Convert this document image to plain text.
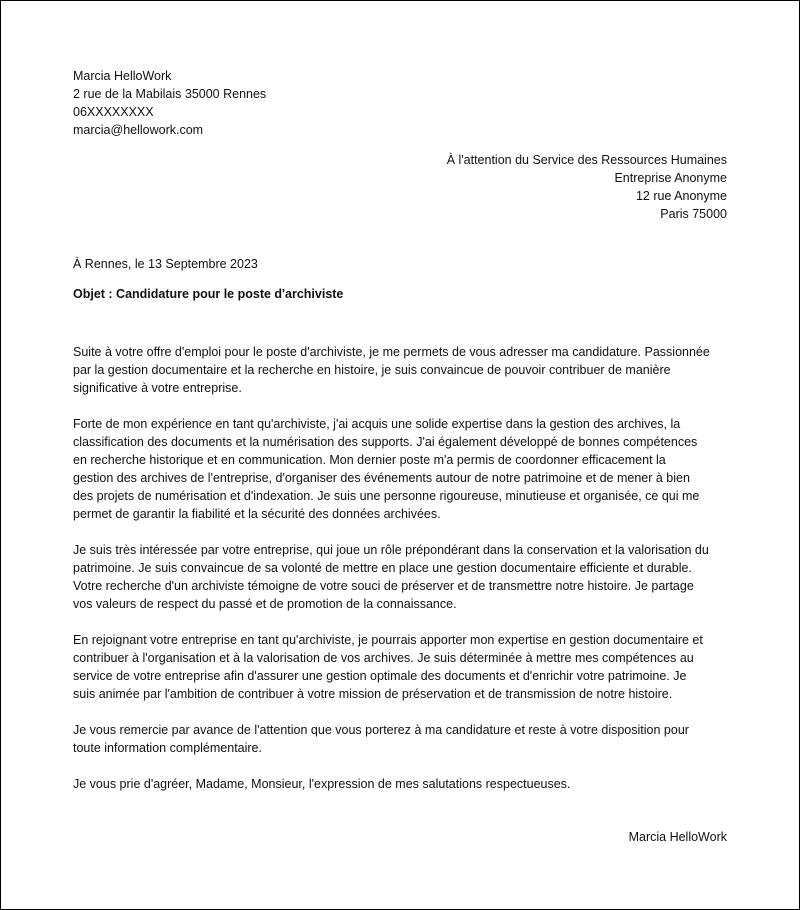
Marcia HelloWork
2 rue de la Mabilais 35000 Rennes
06XXXXXXXX
marcia@hellowork.com
À l'attention du Service des Ressources Humaines
Entreprise Anonyme
12 rue Anonyme
Paris 75000
À Rennes, le 13 Septembre 2023
Objet : Candidature pour le poste d'archiviste

Suite à votre offre d'emploi pour le poste d'archiviste, je me permets de vous adresser ma candidature. Passionnée
par la gestion documentaire et la recherche en histoire, je suis convaincue de pouvoir contribuer de manière
significative à votre entreprise.

Forte de mon expérience en tant qu'archiviste, j'ai acquis une solide expertise dans la gestion des archives, la
classification des documents et la numérisation des supports. J'ai également développé de bonnes compétences
en recherche historique et en communication. Mon dernier poste m'a permis de coordonner efficacement la
gestion des archives de l'entreprise, d'organiser des événements autour de notre patrimoine et de mener à bien
des projets de numérisation et d'indexation. Je suis une personne rigoureuse, minutieuse et organisée, ce qui me
permet de garantir la fiabilité et la sécurité des données archivées.

Je suis très intéressée par votre entreprise, qui joue un rôle prépondérant dans la conservation et la valorisation du
patrimoine. Je suis convaincue de sa volonté de mettre en place une gestion documentaire efficiente et durable.
Votre recherche d'un archiviste témoigne de votre souci de préserver et de transmettre notre histoire. Je partage
vos valeurs de respect du passé et de promotion de la connaissance.

En rejoignant votre entreprise en tant qu'archiviste, je pourrais apporter mon expertise en gestion documentaire et
contribuer à l'organisation et à la valorisation de vos archives. Je suis déterminée à mettre mes compétences au
service de votre entreprise afin d'assurer une gestion optimale des documents et d'enrichir votre patrimoine. Je
suis animée par l'ambition de contribuer à votre mission de préservation et de transmission de notre histoire.

Je vous remercie par avance de l'attention que vous porterez à ma candidature et reste à votre disposition pour
toute information complémentaire.

Je vous prie d'agréer, Madame, Monsieur, l'expression de mes salutations respectueuses.

Marcia HelloWork
